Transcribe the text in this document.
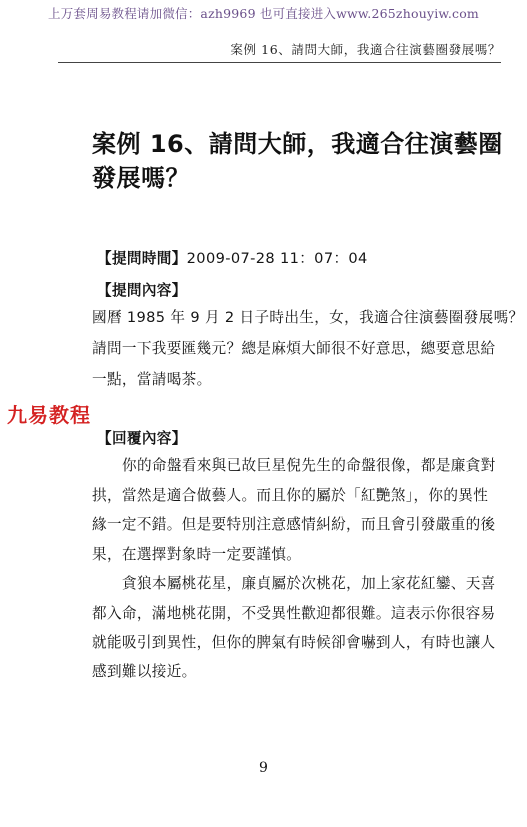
上万套周易教程请加微信：azh9969 也可直接进入www.265zhouyiw.com
案例 16、請問大師，我適合往演藝圈發展嗎？
案例 16、請問大師，我適合往演藝圈
發展嗎？
【提問時間】2009-07-28 11：07：04
【提問內容】
國曆 1985 年 9 月 2 日子時出生，女，我適合往演藝圈發展嗎？
請問一下我要匯幾元？總是麻煩大師很不好意思，總要意思給
一點，當請喝茶。
九易教程
【回覆內容】
你的命盤看來與已故巨星倪先生的命盤很像，都是廉貪對
拱，當然是適合做藝人。而且你的屬於「紅艷煞」，你的異性
緣一定不錯。但是要特別注意感情糾紛，而且會引發嚴重的後
果，在選擇對象時一定要謹慎。
貪狼本屬桃花星，廉貞屬於次桃花，加上家花紅鑾、天喜
都入命，滿地桃花開，不受異性歡迎都很難。這表示你很容易
就能吸引到異性，但你的脾氣有時候卻會嚇到人，有時也讓人
感到難以接近。
9
